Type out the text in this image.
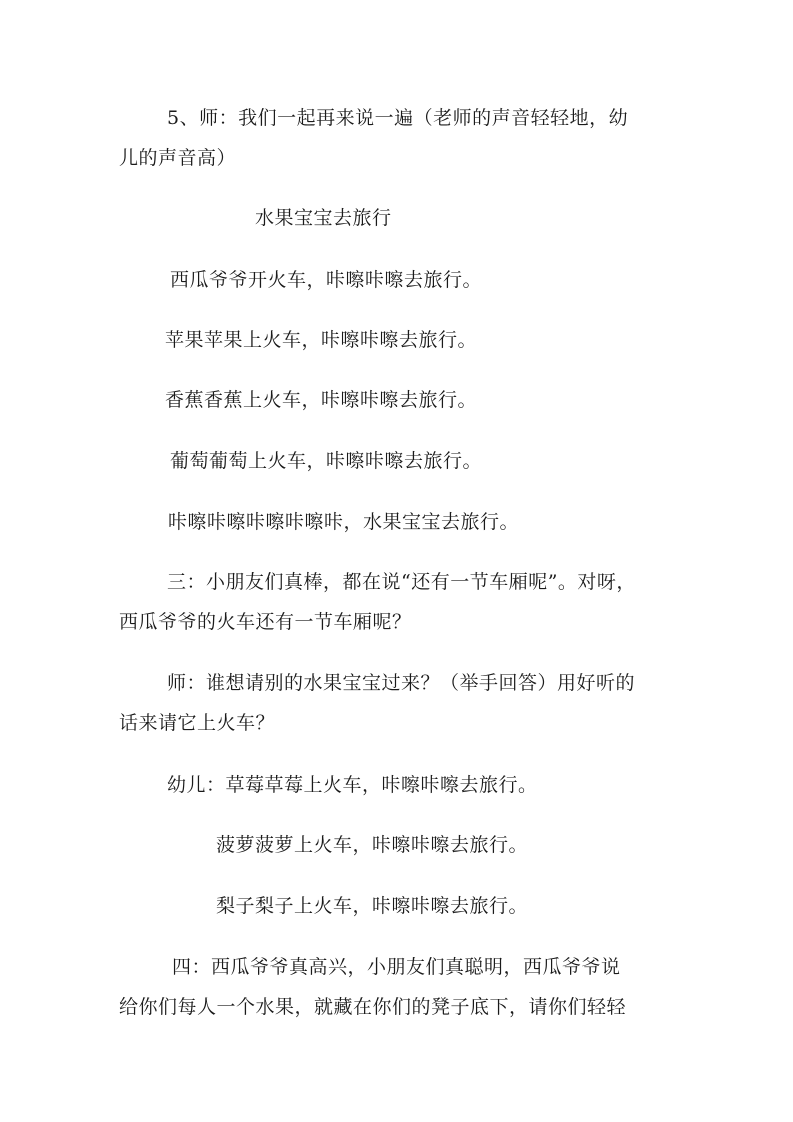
5、师：我们一起再来说一遍（老师的声音轻轻地，幼
儿的声音高）
水果宝宝去旅行
西瓜爷爷开火车，咔嚓咔嚓去旅行。
苹果苹果上火车，咔嚓咔嚓去旅行。
香蕉香蕉上火车，咔嚓咔嚓去旅行。
葡萄葡萄上火车，咔嚓咔嚓去旅行。
咔嚓咔嚓咔嚓咔嚓咔，水果宝宝去旅行。
三：小朋友们真棒，都在说“还有一节车厢呢”。对呀，
西瓜爷爷的火车还有一节车厢呢？
师：谁想请别的水果宝宝过来？（举手回答）用好听的
话来请它上火车？
幼儿：草莓草莓上火车，咔嚓咔嚓去旅行。
菠萝菠萝上火车，咔嚓咔嚓去旅行。
梨子梨子上火车，咔嚓咔嚓去旅行。
四：西瓜爷爷真高兴，小朋友们真聪明，西瓜爷爷说
给你们每人一个水果，就藏在你们的凳子底下，请你们轻轻
